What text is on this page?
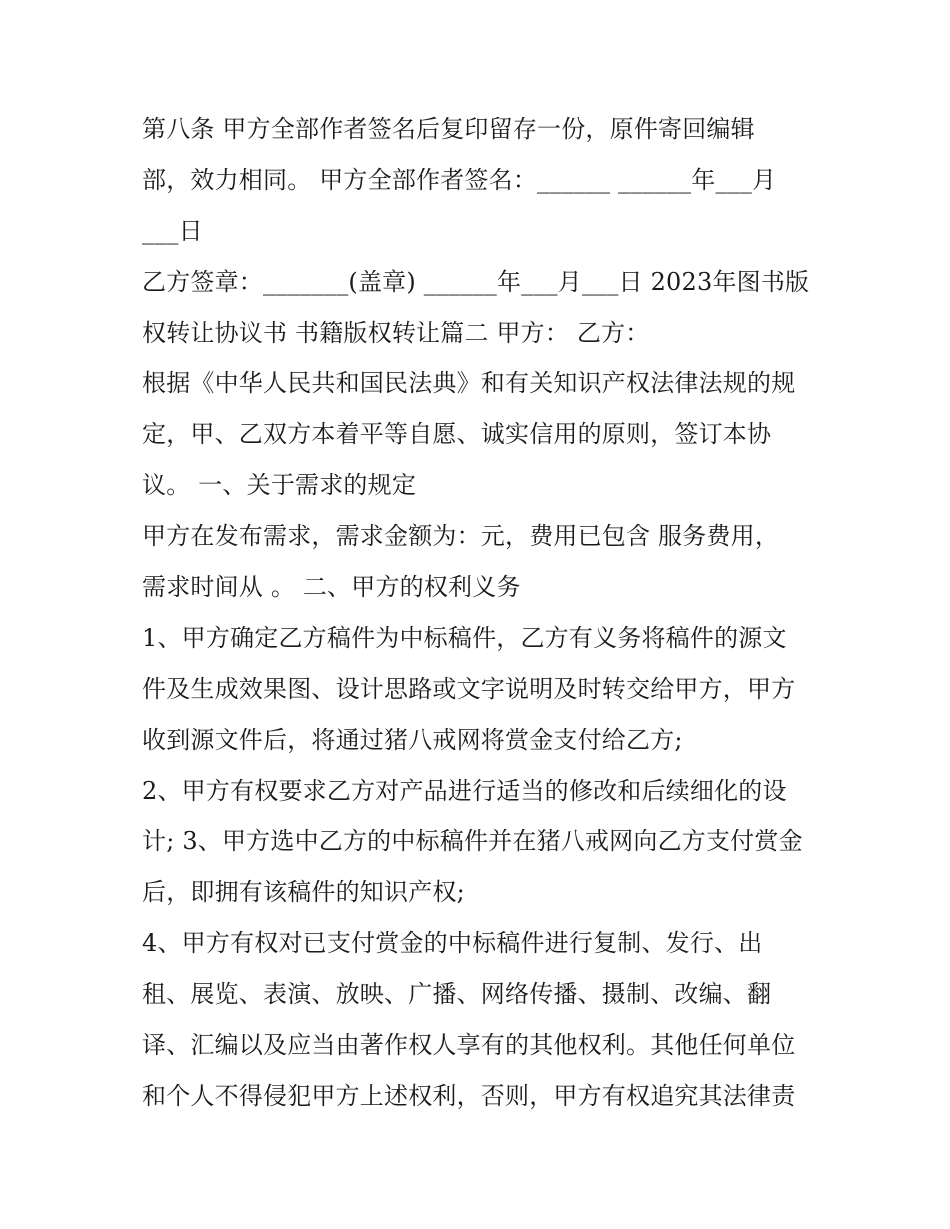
第八条 甲方全部作者签名后复印留存一份，原件寄回编辑
部，效力相同。 甲方全部作者签名：______ ______年___月
___日
乙方签章：_______(盖章) ______年___月___日 2023年图书版
权转让协议书 书籍版权转让篇二 甲方： 乙方：
根据《中华人民共和国民法典》和有关知识产权法律法规的规
定，甲、乙双方本着平等自愿、诚实信用的原则，签订本协
议。 一、关于需求的规定
甲方在发布需求，需求金额为：元，费用已包含 服务费用，
需求时间从 。 二、甲方的权利义务
1、甲方确定乙方稿件为中标稿件，乙方有义务将稿件的源文
件及生成效果图、设计思路或文字说明及时转交给甲方，甲方
收到源文件后，将通过猪八戒网将赏金支付给乙方;
2、甲方有权要求乙方对产品进行适当的修改和后续细化的设
计; 3、甲方选中乙方的中标稿件并在猪八戒网向乙方支付赏金
后，即拥有该稿件的知识产权;
4、甲方有权对已支付赏金的中标稿件进行复制、发行、出
租、展览、表演、放映、广播、网络传播、摄制、改编、翻
译、汇编以及应当由著作权人享有的其他权利。其他任何单位
和个人不得侵犯甲方上述权利，否则，甲方有权追究其法律责
